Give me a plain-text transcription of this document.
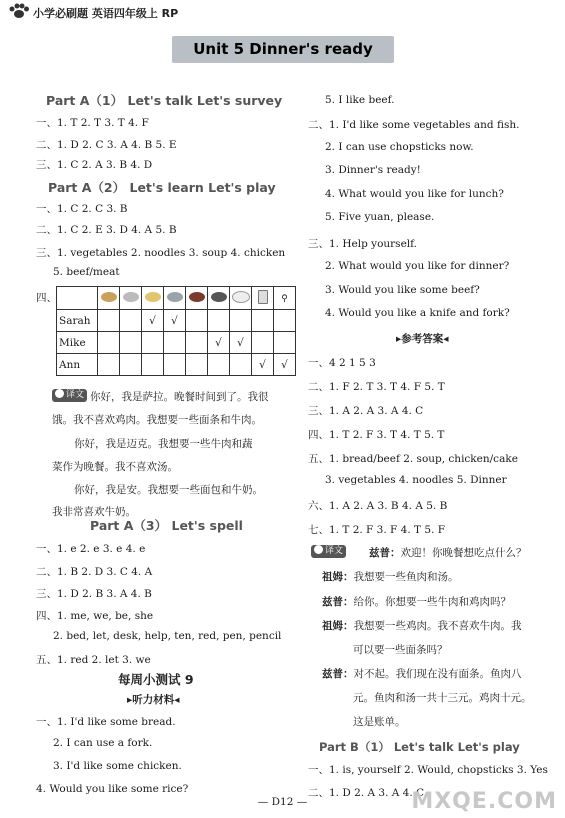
小学必刷题 英语四年级上 RP
Unit 5 Dinner's ready
Part A（1） Let's talk Let's survey
一、1. T 2. T 3. T 4. F
二、1. D 2. C 3. A 4. B 5. E
三、1. C 2. A 3. B 4. D
Part A（2） Let's learn Let's play
一、1. C 2. C 3. B
二、1. C 2. E 3. D 4. A 5. B
三、1. vegetables 2. noodles 3. soup 4. chicken
5. beef/meat
四、
										⚲
Sarah			√	√					
Mike						√	√		
Ann								√	√
译文 你好，我是萨拉。晚餐时间到了。我很
饿。我不喜欢鸡肉。我想要一些面条和牛肉。
你好，我是迈克。我想要一些牛肉和蔬
菜作为晚餐。我不喜欢汤。
你好，我是安。我想要一些面包和牛奶。
我非常喜欢牛奶。
Part A（3） Let's spell
一、1. e 2. e 3. e 4. e
二、1. B 2. D 3. C 4. A
三、1. D 2. B 3. A 4. B
四、1. me, we, be, she
2. bed, let, desk, help, ten, red, pen, pencil
五、1. red 2. let 3. we
每周小测试 9
▸听力材料◂
一、1. I'd like some bread.
2. I can use a fork.
3. I'd like some chicken.
4. Would you like some rice?
5. I like beef.
二、1. I'd like some vegetables and fish.
2. I can use chopsticks now.
3. Dinner's ready!
4. What would you like for lunch?
5. Five yuan, please.
三、1. Help yourself.
2. What would you like for dinner?
3. Would you like some beef?
4. Would you like a knife and fork?
▸参考答案◂
一、4 2 1 5 3
二、1. F 2. T 3. T 4. F 5. T
三、1. A 2. A 3. A 4. C
四、1. T 2. F 3. T 4. T 5. T
五、1. bread/beef 2. soup, chicken/cake
3. vegetables 4. noodles 5. Dinner
六、1. A 2. A 3. B 4. A 5. B
七、1. T 2. F 3. F 4. T 5. F
译文 兹普：欢迎！你晚餐想吃点什么？
祖姆：我想要一些鱼肉和汤。
兹普：给你。你想要一些牛肉和鸡肉吗？
祖姆：我想要一些鸡肉。我不喜欢牛肉。我
可以要一些面条吗？
兹普：对不起。我们现在没有面条。鱼肉八
元。鱼肉和汤一共十三元。鸡肉十元。
这是账单。
Part B（1） Let's talk Let's play
一、1. is, yourself 2. Would, chopsticks 3. Yes
二、1. D 2. A 3. A 4. C
— D12 —	MXQE.COM
